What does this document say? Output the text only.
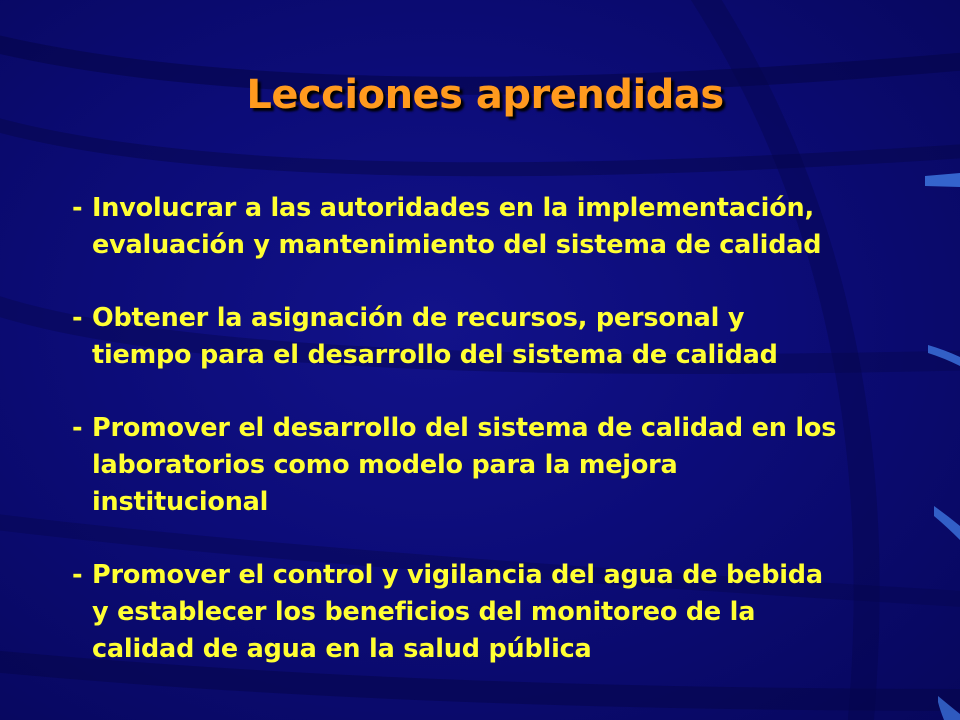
Lecciones aprendidas
- Involucrar a las autoridades en la implementación,
evaluación y mantenimiento del sistema de calidad
- Obtener la asignación de recursos, personal y
tiempo para el desarrollo del sistema de calidad
- Promover el desarrollo del sistema de calidad en los
laboratorios como modelo para la mejora
institucional
- Promover el control y vigilancia del agua de bebida
y establecer los beneficios del monitoreo de la
calidad de agua en la salud pública
